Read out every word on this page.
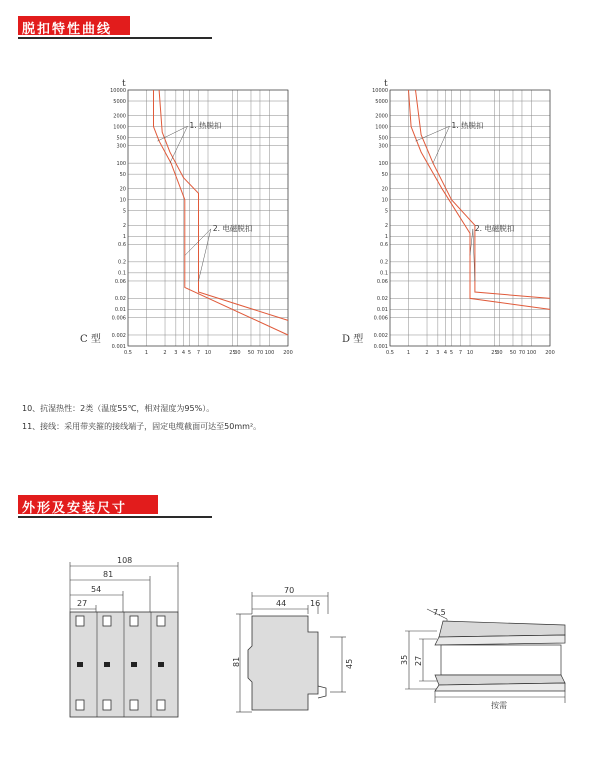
脱扣特性曲线
0.5	1	2 3 4 5 7 10	25
30 50 70 100 200
10000
5000
2000
1000
500
300
100
50
20
10
5
2
1
0.6
0.2
0.1
0.06
0.02
0.01
0.006
0.002
0.001
t
1. 热脱扣
2. 电磁脱扣
C 型
0.5	1	2 3 4 5 7 10	25
30 50 70 100 200
10000
5000
2000
1000
500
300
100
50
20
10
5
2
1
0.6
0.2
0.1
0.06
0.02
0.01
0.006
0.002
0.001
t
1. 热脱扣
2. 电磁脱扣
D 型
10、抗湿热性：2类（温度55℃，相对湿度为95%）。
11、接线：采用带夹箍的接线端子，固定电缆截面可达至50mm²。
外形及安装尺寸
108
81
54
27
70
44	16
81	45
7.5
35 27
按需
